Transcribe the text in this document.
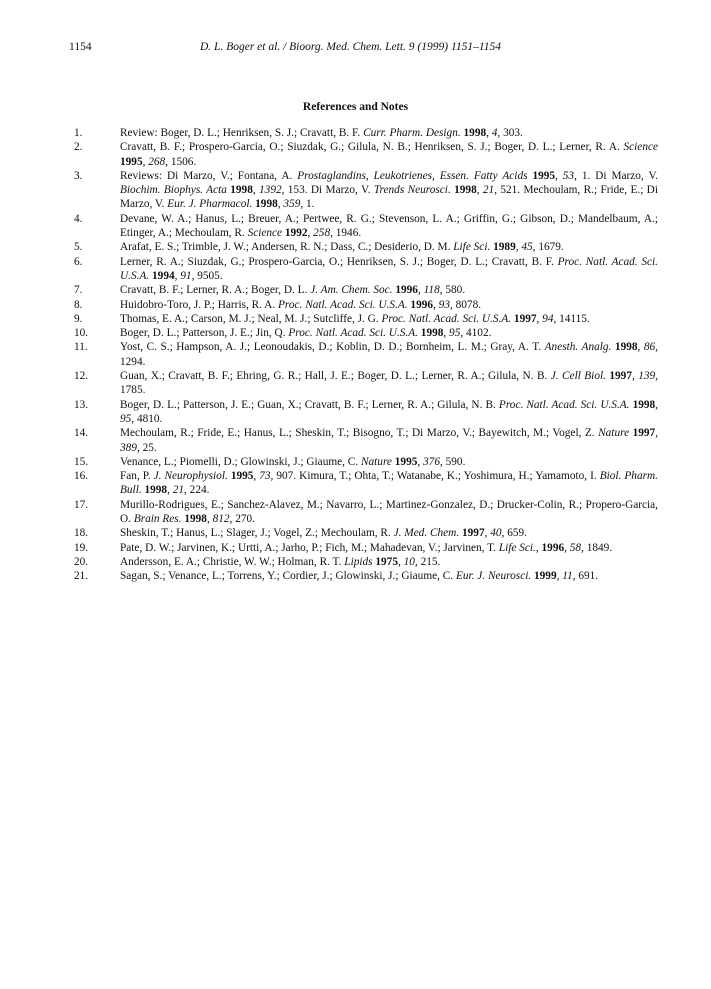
1154	D. L. Boger et al. / Bioorg. Med. Chem. Lett. 9 (1999) 1151–1154
References and Notes
1.	Review: Boger, D. L.; Henriksen, S. J.; Cravatt, B. F. Curr. Pharm. Design. 1998, 4, 303.
2.	Cravatt, B. F.; Prospero-Garcia, O.; Siuzdak, G.; Gilula, N. B.; Henriksen, S. J.; Boger, D. L.; Lerner, R. A. Science 1995, 268, 1506.
3.	Reviews: Di Marzo, V.; Fontana, A. Prostaglandins, Leukotrienes, Essen. Fatty Acids 1995, 53, 1. Di Marzo, V. Biochim. Biophys. Acta 1998, 1392, 153. Di Marzo, V. Trends Neurosci. 1998, 21, 521. Mechoulam, R.; Fride, E.; Di Marzo, V. Eur. J. Pharmacol. 1998, 359, 1.
4.	Devane, W. A.; Hanus, L.; Breuer, A.; Pertwee, R. G.; Stevenson, L. A.; Griffin, G.; Gibson, D.; Mandelbaum, A.; Etinger, A.; Mechoulam, R. Science 1992, 258, 1946.
5.	Arafat, E. S.; Trimble, J. W.; Andersen, R. N.; Dass, C.; Desiderio, D. M. Life Sci. 1989, 45, 1679.
6.	Lerner, R. A.; Siuzdak, G.; Prospero-Garcia, O.; Henriksen, S. J.; Boger, D. L.; Cravatt, B. F. Proc. Natl. Acad. Sci. U.S.A. 1994, 91, 9505.
7.	Cravatt, B. F.; Lerner, R. A.; Boger, D. L. J. Am. Chem. Soc. 1996, 118, 580.
8.	Huidobro-Toro, J. P.; Harris, R. A. Proc. Natl. Acad. Sci. U.S.A. 1996, 93, 8078.
9.	Thomas, E. A.; Carson, M. J.; Neal, M. J.; Sutcliffe, J. G. Proc. Natl. Acad. Sci. U.S.A. 1997, 94, 14115.
10.	Boger, D. L.; Patterson, J. E.; Jin, Q. Proc. Natl. Acad. Sci. U.S.A. 1998, 95, 4102.
11.	Yost, C. S.; Hampson, A. J.; Leonoudakis, D.; Koblin, D. D.; Bornheim, L. M.; Gray, A. T. Anesth. Analg. 1998, 86, 1294.
12.	Guan, X.; Cravatt, B. F.; Ehring, G. R.; Hall, J. E.; Boger, D. L.; Lerner, R. A.; Gilula, N. B. J. Cell Biol. 1997, 139, 1785.
13.	Boger, D. L.; Patterson, J. E.; Guan, X.; Cravatt, B. F.; Lerner, R. A.; Gilula, N. B. Proc. Natl. Acad. Sci. U.S.A. 1998, 95, 4810.
14.	Mechoulam, R.; Fride, E.; Hanus, L.; Sheskin, T.; Bisogno, T.; Di Marzo, V.; Bayewitch, M.; Vogel, Z. Nature 1997, 389, 25.
15.	Venance, L.; Piomelli, D.; Glowinski, J.; Giaume, C. Nature 1995, 376, 590.
16.	Fan, P. J. Neurophysiol. 1995, 73, 907. Kimura, T.; Ohta, T.; Watanabe, K.; Yoshimura, H.; Yamamoto, I. Biol. Pharm. Bull. 1998, 21, 224.
17.	Murillo-Rodrigues, E.; Sanchez-Alavez, M.; Navarro, L.; Martinez-Gonzalez, D.; Drucker-Colin, R.; Propero-Garcia, O. Brain Res. 1998, 812, 270.
18.	Sheskin, T.; Hanus, L.; Slager, J.; Vogel, Z.; Mechoulam, R. J. Med. Chem. 1997, 40, 659.
19.	Pate, D. W.; Jarvinen, K.; Urtti, A.; Jarho, P.; Fich, M.; Mahadevan, V.; Jarvinen, T. Life Sci., 1996, 58, 1849.
20.	Andersson, E. A.; Christie, W. W.; Holman, R. T. Lipids 1975, 10, 215.
21.	Sagan, S.; Venance, L.; Torrens, Y.; Cordier, J.; Glowinski, J.; Giaume, C. Eur. J. Neurosci. 1999, 11, 691.
